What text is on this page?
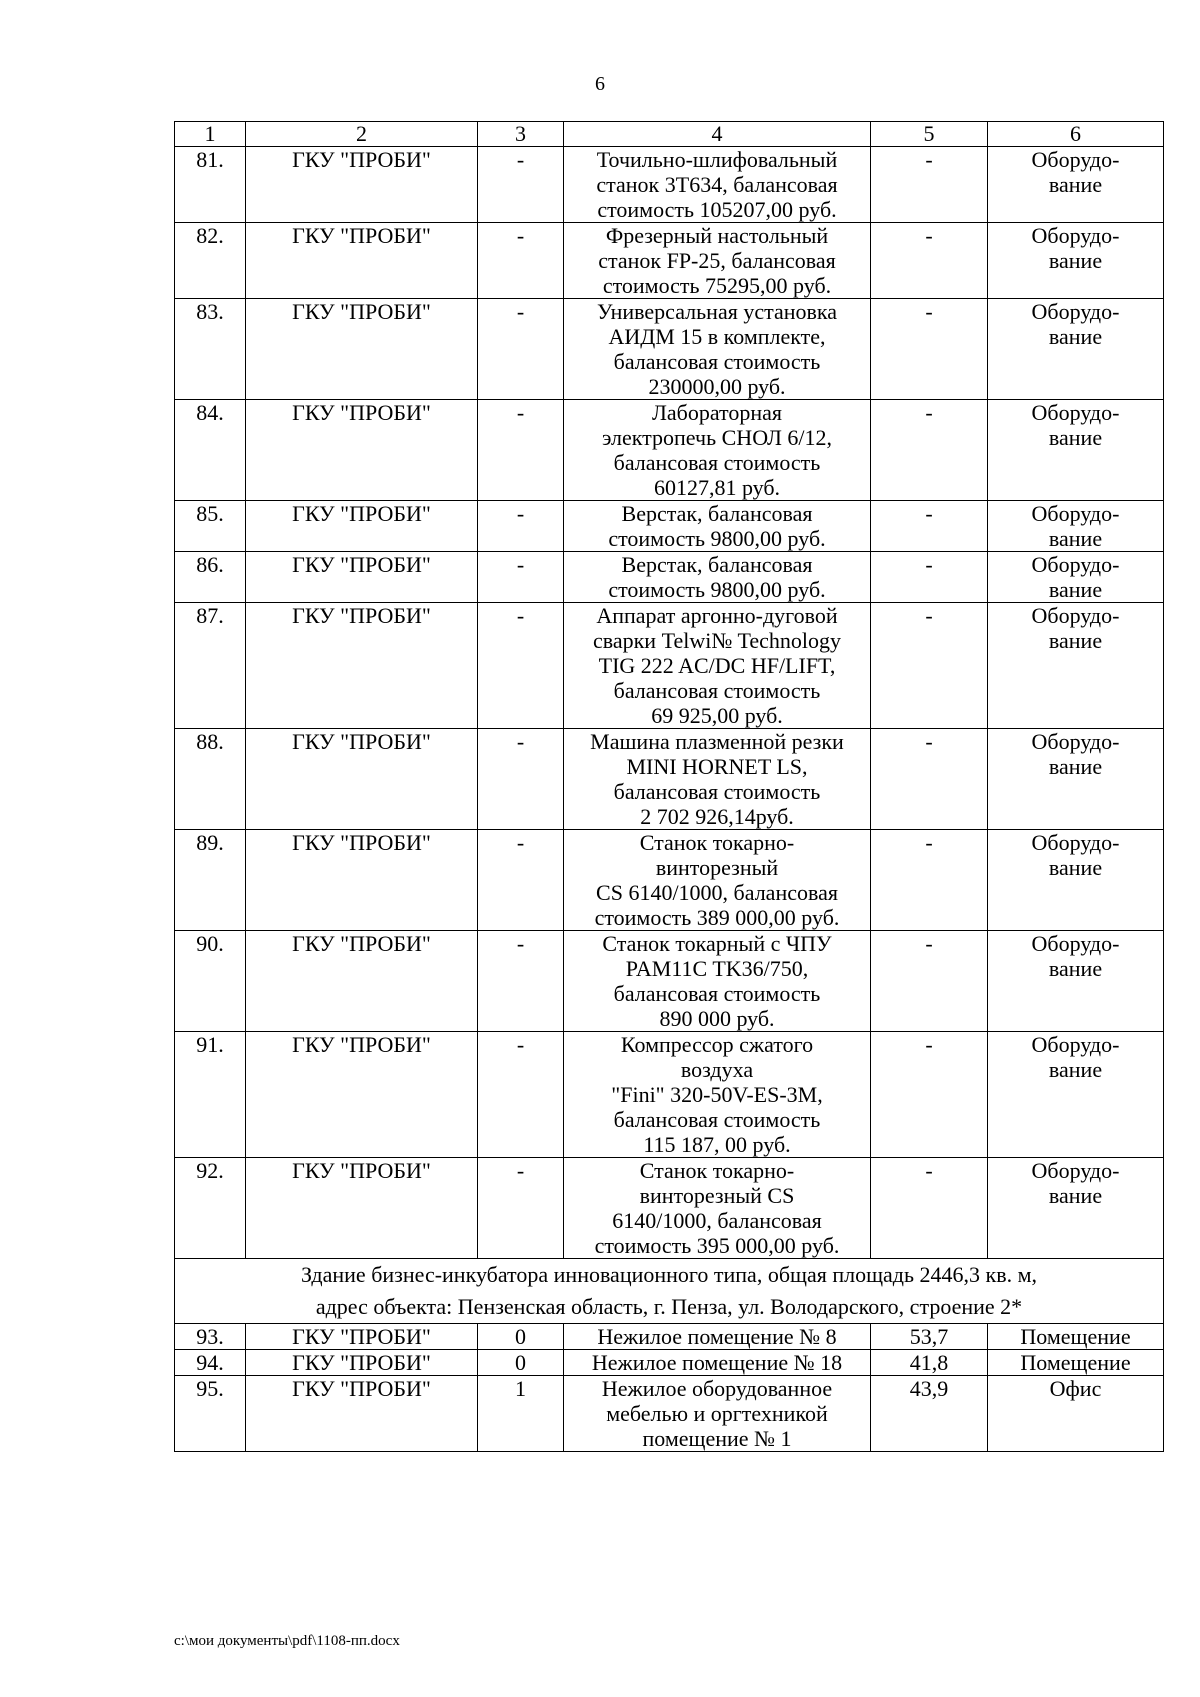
6
1	2	3	4	5	6
81.	ГКУ "ПРОБИ"	-	Точильно-шлифовальный
станок 3Т634, балансовая
стоимость 105207,00 руб.	-	Оборудо-
вание

82.	ГКУ "ПРОБИ"	-	Фрезерный настольный
станок FP-25, балансовая
стоимость 75295,00 руб.	-	Оборудо-
вание

83.	ГКУ "ПРОБИ"	-	Универсальная установка
АИДМ 15 в комплекте,
балансовая стоимость
230000,00 руб.	-	Оборудо-
вание

84.	ГКУ "ПРОБИ"	-	Лабораторная
электропечь СНОЛ 6/12,
балансовая стоимость
60127,81 руб.	-	Оборудо-
вание

85.	ГКУ "ПРОБИ"	-	Верстак, балансовая
стоимость 9800,00 руб.	-	Оборудо-
вание

86.	ГКУ "ПРОБИ"	-	Верстак, балансовая
стоимость 9800,00 руб.	-	Оборудо-
вание

87.	ГКУ "ПРОБИ"	-	Аппарат аргонно-дуговой
сварки Telwi№ Technology
TIG 222 AC/DC HF/LIFT,
балансовая стоимость
69 925,00 руб.	-	Оборудо-
вание

88.	ГКУ "ПРОБИ"	-	Машина плазменной резки
MINI HORNET LS,
балансовая стоимость
2 702 926,14руб.	-	Оборудо-
вание

89.	ГКУ "ПРОБИ"	-	Станок токарно-
винторезный
CS 6140/1000, балансовая
стоимость 389 000,00 руб.	-	Оборудо-
вание

90.	ГКУ "ПРОБИ"	-	Станок токарный с ЧПУ
PAM11C TK36/750,
балансовая стоимость
890 000 руб.	-	Оборудо-
вание

91.	ГКУ "ПРОБИ"	-	Компрессор сжатого
воздуха
"Fini" 320-50V-ES-3M,
балансовая стоимость
115 187, 00 руб.	-	Оборудо-
вание

92.	ГКУ "ПРОБИ"	-	Станок токарно-
винторезный CS
6140/1000, балансовая
стоимость 395 000,00 руб.	-	Оборудо-
вание

Здание бизнес-инкубатора инновационного типа, общая площадь 2446,3 кв. м,
адрес объекта: Пензенская область, г. Пенза, ул. Володарского, строение 2*					

93.	ГКУ "ПРОБИ"	0	Нежилое помещение № 8	53,7	Помещение

94.	ГКУ "ПРОБИ"	0	Нежилое помещение № 18	41,8	Помещение

95.	ГКУ "ПРОБИ"	1	Нежилое оборудованное
мебелью и оргтехникой
помещение № 1	43,9	Офис
c:\мои документы\pdf\1108-пп.docx
